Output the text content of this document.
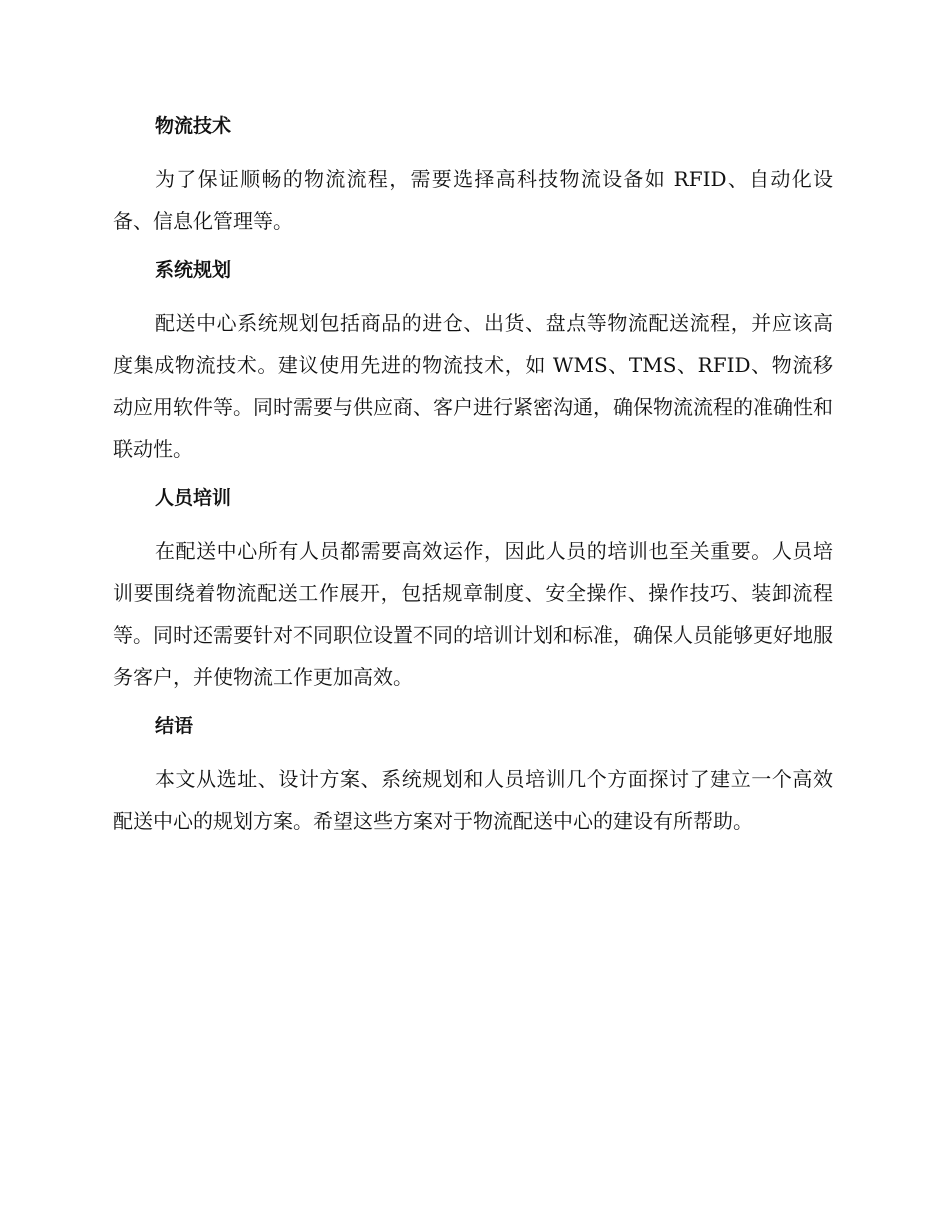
物流技术

为了保证顺畅的物流流程，需要选择高科技物流设备如 RFID、自动化设备、信息化管理等。

系统规划

配送中心系统规划包括商品的进仓、出货、盘点等物流配送流程，并应该高度集成物流技术。建议使用先进的物流技术，如 WMS、TMS、RFID、物流移动应用软件等。同时需要与供应商、客户进行紧密沟通，确保物流流程的准确性和联动性。

人员培训

在配送中心所有人员都需要高效运作，因此人员的培训也至关重要。人员培训要围绕着物流配送工作展开，包括规章制度、安全操作、操作技巧、装卸流程等。同时还需要针对不同职位设置不同的培训计划和标准，确保人员能够更好地服务客户，并使物流工作更加高效。

结语

本文从选址、设计方案、系统规划和人员培训几个方面探讨了建立一个高效配送中心的规划方案。希望这些方案对于物流配送中心的建设有所帮助。
